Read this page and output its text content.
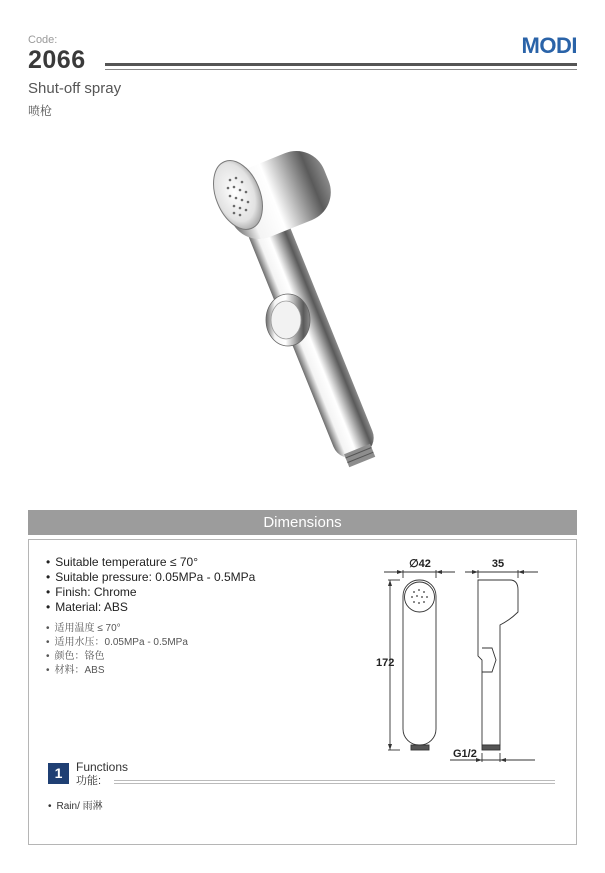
Code:
2066
MODI
Shut-off spray
喷枪
Dimensions
• Suitable temperature ≤ 70°
• Suitable pressure: 0.05MPa - 0.5MPa
• Finish: Chrome
• Material: ABS
• 适用温度 ≤ 70°
• 适用水压：0.05MPa - 0.5MPa
• 颜色：铬色
• 材料：ABS
∅42	35
172
G1/2
1	Functions
功能:
• Rain/ 雨淋
